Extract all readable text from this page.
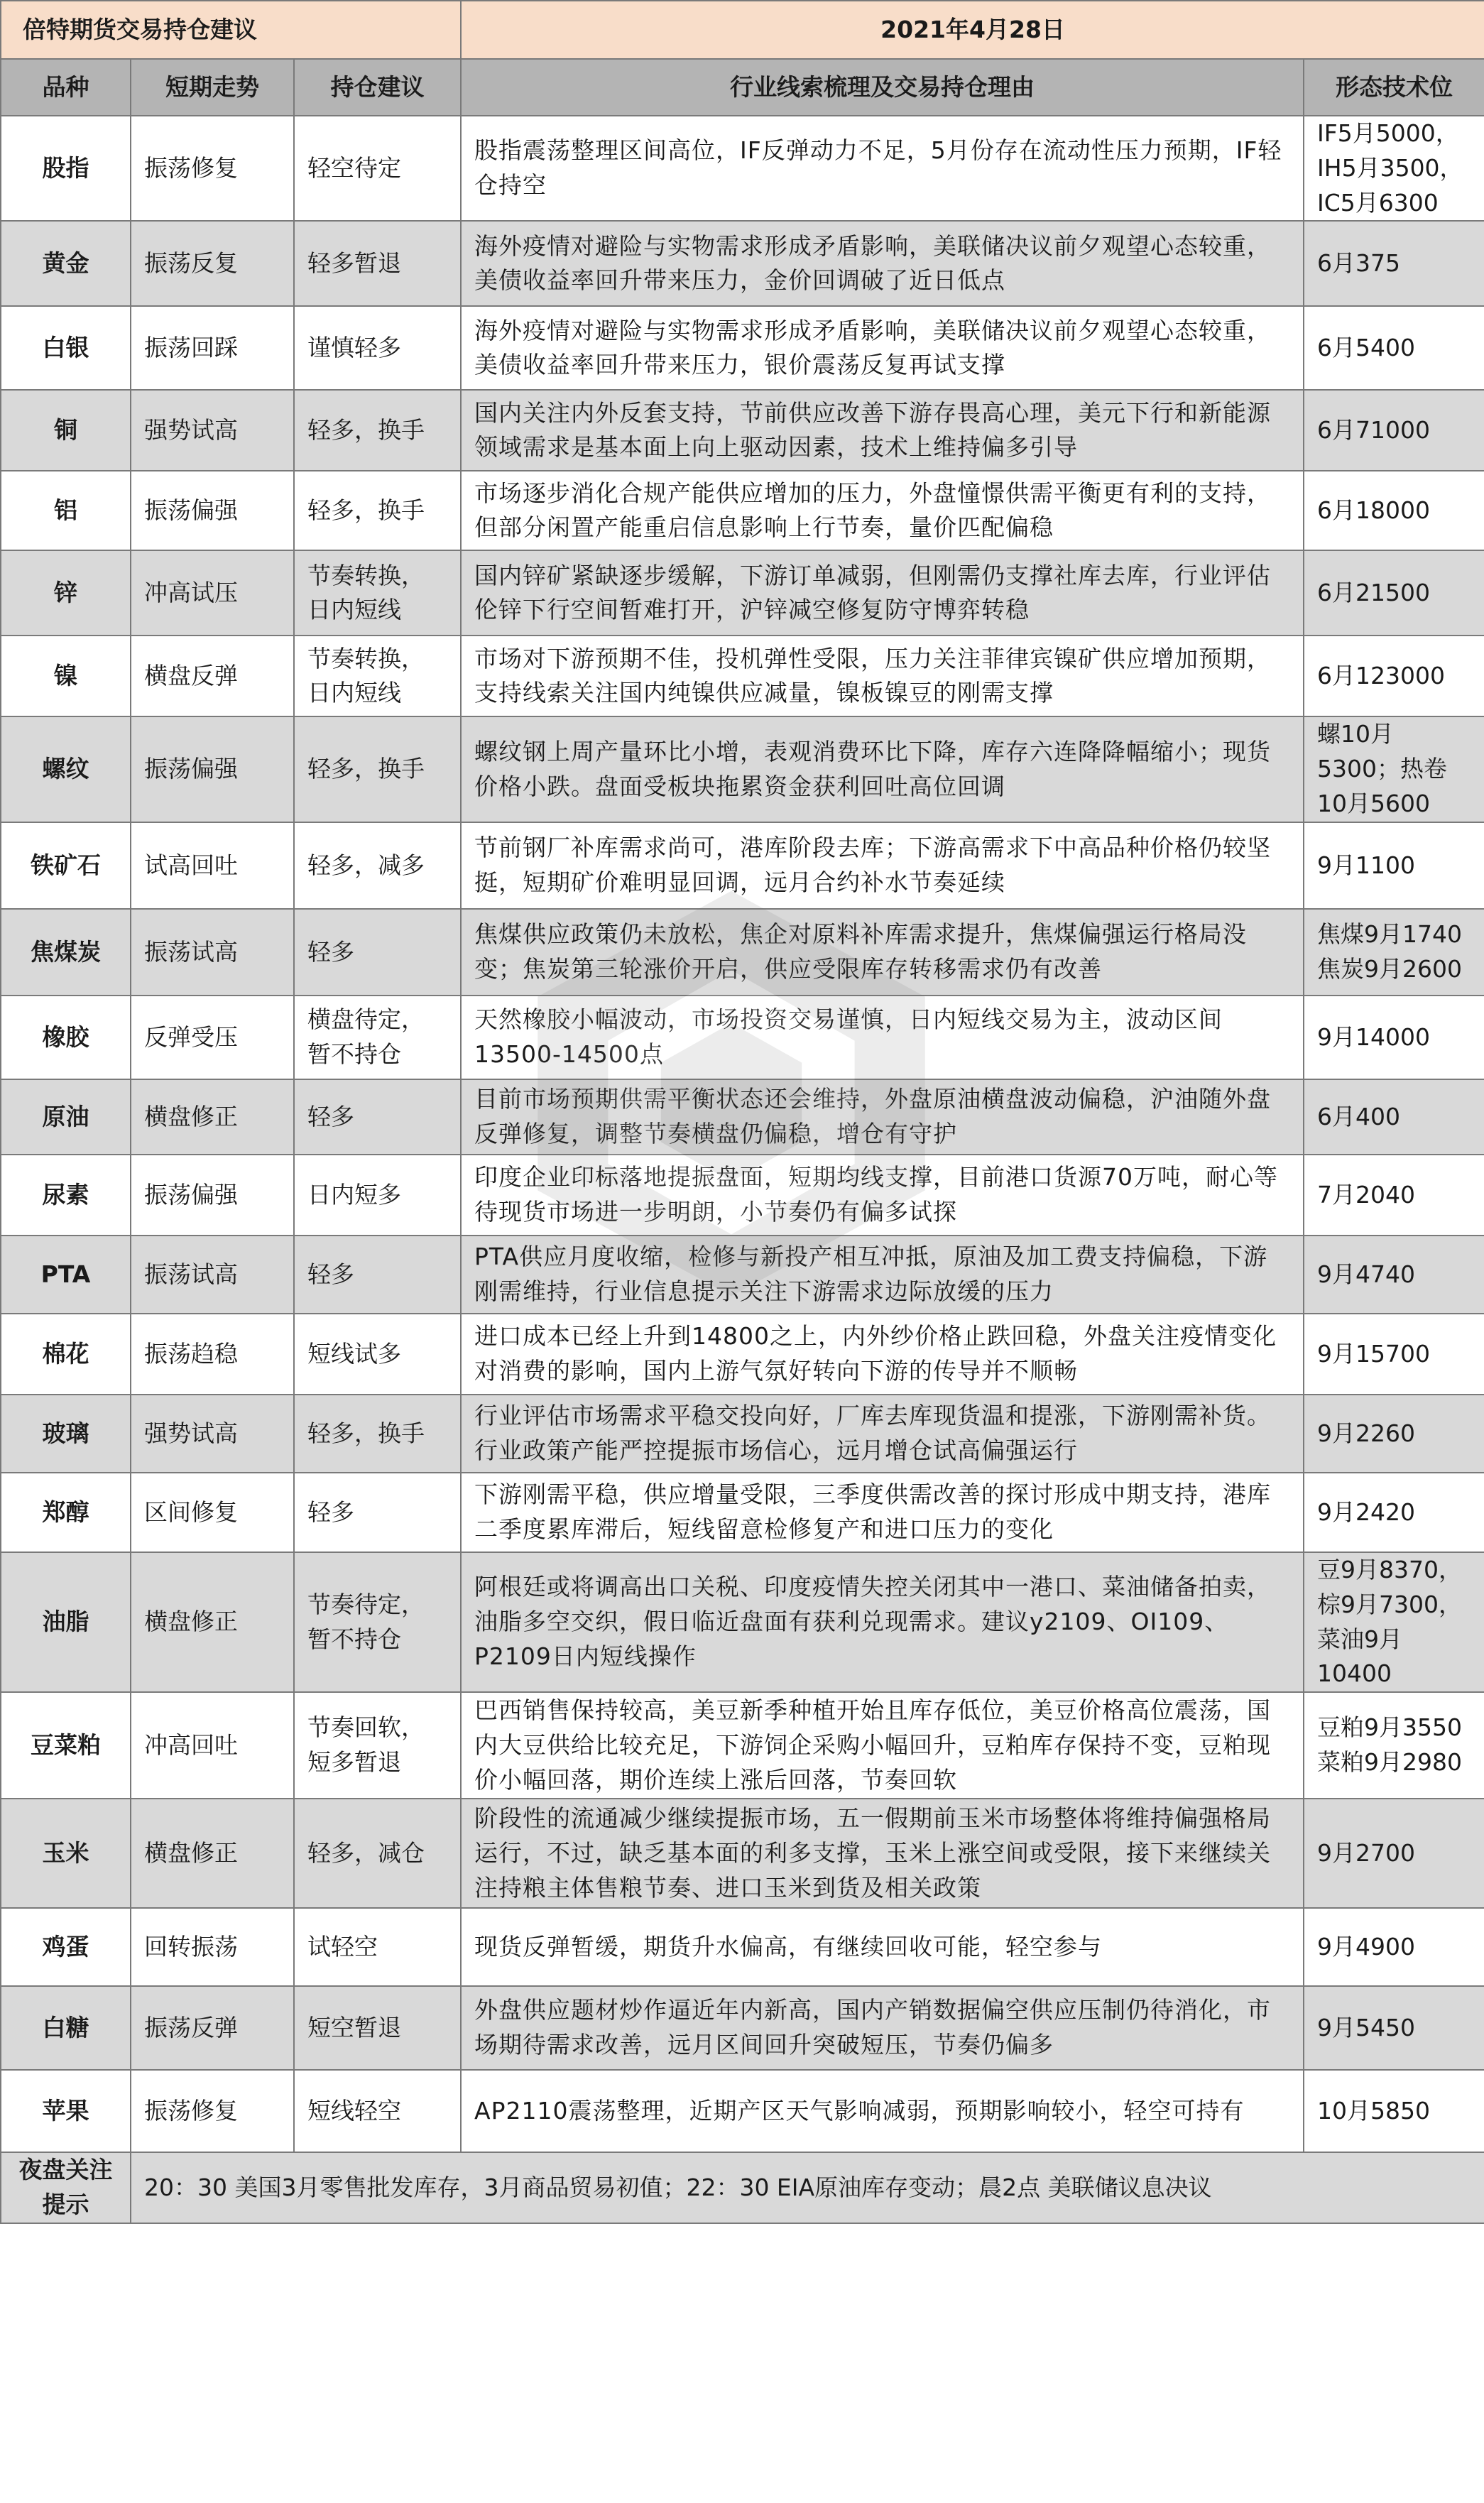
倍特期货交易持仓建议			2021年4月28日	
品种	短期走势	持仓建议	行业线索梳理及交易持仓理由	形态技术位
股指	振荡修复	轻空待定	股指震荡整理区间高位，IF反弹动力不足，5月份存在流动性压力预期，IF轻仓持空	IF5月5000，IH5月3500，IC5月6300
黄金	振荡反复	轻多暂退	海外疫情对避险与实物需求形成矛盾影响，美联储决议前夕观望心态较重，美债收益率回升带来压力，金价回调破了近日低点	6月375
白银	振荡回踩	谨慎轻多	海外疫情对避险与实物需求形成矛盾影响，美联储决议前夕观望心态较重，美债收益率回升带来压力，银价震荡反复再试支撑	6月5400
铜	强势试高	轻多，换手	国内关注内外反套支持，节前供应改善下游存畏高心理，美元下行和新能源领域需求是基本面上向上驱动因素，技术上维持偏多引导	6月71000
铝	振荡偏强	轻多，换手	市场逐步消化合规产能供应增加的压力，外盘憧憬供需平衡更有利的支持，但部分闲置产能重启信息影响上行节奏，量价匹配偏稳	6月18000
锌	冲高试压	节奏转换，日内短线	国内锌矿紧缺逐步缓解，下游订单减弱，但刚需仍支撑社库去库，行业评估伦锌下行空间暂难打开，沪锌减空修复防守博弈转稳	6月21500
镍	横盘反弹	节奏转换，日内短线	市场对下游预期不佳，投机弹性受限，压力关注菲律宾镍矿供应增加预期，支持线索关注国内纯镍供应减量，镍板镍豆的刚需支撑	6月123000
螺纹	振荡偏强	轻多，换手	螺纹钢上周产量环比小增，表观消费环比下降，库存六连降降幅缩小；现货价格小跌。盘面受板块拖累资金获利回吐高位回调	螺10月5300；热卷10月5600
铁矿石	试高回吐	轻多，减多	节前钢厂补库需求尚可，港库阶段去库；下游高需求下中高品种价格仍较坚挺，短期矿价难明显回调，远月合约补水节奏延续	9月1100
焦煤炭	振荡试高	轻多	焦煤供应政策仍未放松，焦企对原料补库需求提升，焦煤偏强运行格局没变；焦炭第三轮涨价开启，供应受限库存转移需求仍有改善	焦煤9月1740 焦炭9月2600
橡胶	反弹受压	横盘待定，暂不持仓	天然橡胶小幅波动，市场投资交易谨慎，日内短线交易为主，波动区间13500-14500点	9月14000
原油	横盘修正	轻多	目前市场预期供需平衡状态还会维持，外盘原油横盘波动偏稳，沪油随外盘反弹修复，调整节奏横盘仍偏稳，增仓有守护	6月400
尿素	振荡偏强	日内短多	印度企业印标落地提振盘面，短期均线支撑，目前港口货源70万吨，耐心等待现货市场进一步明朗，小节奏仍有偏多试探	7月2040
PTA	振荡试高	轻多	PTA供应月度收缩，检修与新投产相互冲抵，原油及加工费支持偏稳，下游刚需维持，行业信息提示关注下游需求边际放缓的压力	9月4740
棉花	振荡趋稳	短线试多	进口成本已经上升到14800之上，内外纱价格止跌回稳，外盘关注疫情变化对消费的影响，国内上游气氛好转向下游的传导并不顺畅	9月15700
玻璃	强势试高	轻多，换手	行业评估市场需求平稳交投向好，厂库去库现货温和提涨，下游刚需补货。行业政策产能严控提振市场信心，远月增仓试高偏强运行	9月2260
郑醇	区间修复	轻多	下游刚需平稳，供应增量受限，三季度供需改善的探讨形成中期支持，港库二季度累库滞后，短线留意检修复产和进口压力的变化	9月2420
油脂	横盘修正	节奏待定，暂不持仓	阿根廷或将调高出口关税、印度疫情失控关闭其中一港口、菜油储备拍卖，油脂多空交织，假日临近盘面有获利兑现需求。建议y2109、OI109、P2109日内短线操作	豆9月8370，棕9月7300，菜油9月10400
豆菜粕	冲高回吐	节奏回软，短多暂退	巴西销售保持较高，美豆新季种植开始且库存低位，美豆价格高位震荡，国内大豆供给比较充足，下游饲企采购小幅回升，豆粕库存保持不变，豆粕现价小幅回落，期价连续上涨后回落，节奏回软	豆粕9月3550 菜粕9月2980
玉米	横盘修正	轻多，减仓	阶段性的流通减少继续提振市场，五一假期前玉米市场整体将维持偏强格局运行，不过，缺乏基本面的利多支撑，玉米上涨空间或受限，接下来继续关注持粮主体售粮节奏、进口玉米到货及相关政策	9月2700
鸡蛋	回转振荡	试轻空	现货反弹暂缓，期货升水偏高，有继续回收可能，轻空参与	9月4900
白糖	振荡反弹	短空暂退	外盘供应题材炒作逼近年内新高，国内产销数据偏空供应压制仍待消化，市场期待需求改善，远月区间回升突破短压，节奏仍偏多	9月5450
苹果	振荡修复	短线轻空	AP2110震荡整理，近期产区天气影响减弱，预期影响较小，轻空可持有	10月5850
夜盘关注提示	20：30 美国3月零售批发库存，3月商品贸易初值；22：30 EIA原油库存变动；晨2点 美联储议息决议			
